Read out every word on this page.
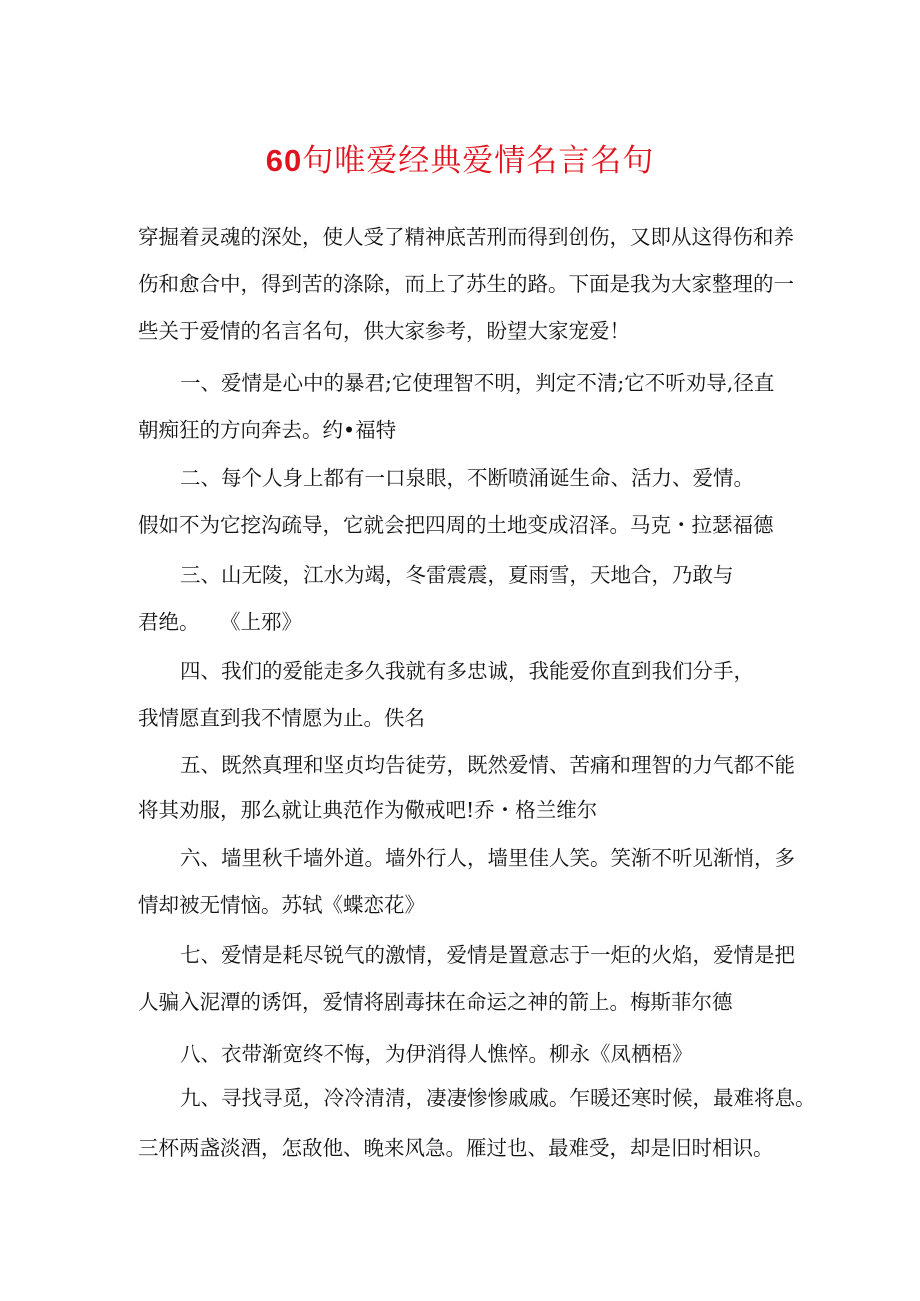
60句唯爱经典爱情名言名句
穿掘着灵魂的深处，使人受了精神底苦刑而得到创伤，又即从这得伤和养
伤和愈合中，得到苦的涤除，而上了苏生的路。下面是我为大家整理的一
些关于爱情的名言名句，供大家参考，盼望大家宠爱！
一、爱情是心中的暴君;它使理智不明，判定不清;它不听劝导,径直
朝痴狂的方向奔去。约•福特
二、每个人身上都有一口泉眼，不断喷涌诞生命、活力、爱情。
假如不为它挖沟疏导，它就会把四周的土地变成沼泽。马克・拉瑟福德
三、山无陵，江水为竭，冬雷震震，夏雨雪，天地合，乃敢与
君绝。　　《上邪》
四、我们的爱能走多久我就有多忠诚，我能爱你直到我们分手，
我情愿直到我不情愿为止。佚名
五、既然真理和坚贞均告徒劳，既然爱情、苦痛和理智的力气都不能
将其劝服，那么就让典范作为儆戒吧!乔・格兰维尔
六、墙里秋千墙外道。墙外行人，墙里佳人笑。笑渐不听见渐悄，多
情却被无情恼。苏轼《蝶恋花》
七、爱情是耗尽锐气的激情，爱情是置意志于一炬的火焰，爱情是把
人骗入泥潭的诱饵，爱情将剧毒抹在命运之神的箭上。梅斯菲尔德
八、衣带渐宽终不悔，为伊消得人憔悴。柳永《凤栖梧》
九、寻找寻觅，冷冷清清，凄凄惨惨戚戚。乍暖还寒时候，最难将息。
三杯两盏淡酒，怎敌他、晚来风急。雁过也、最难受，却是旧时相识。
